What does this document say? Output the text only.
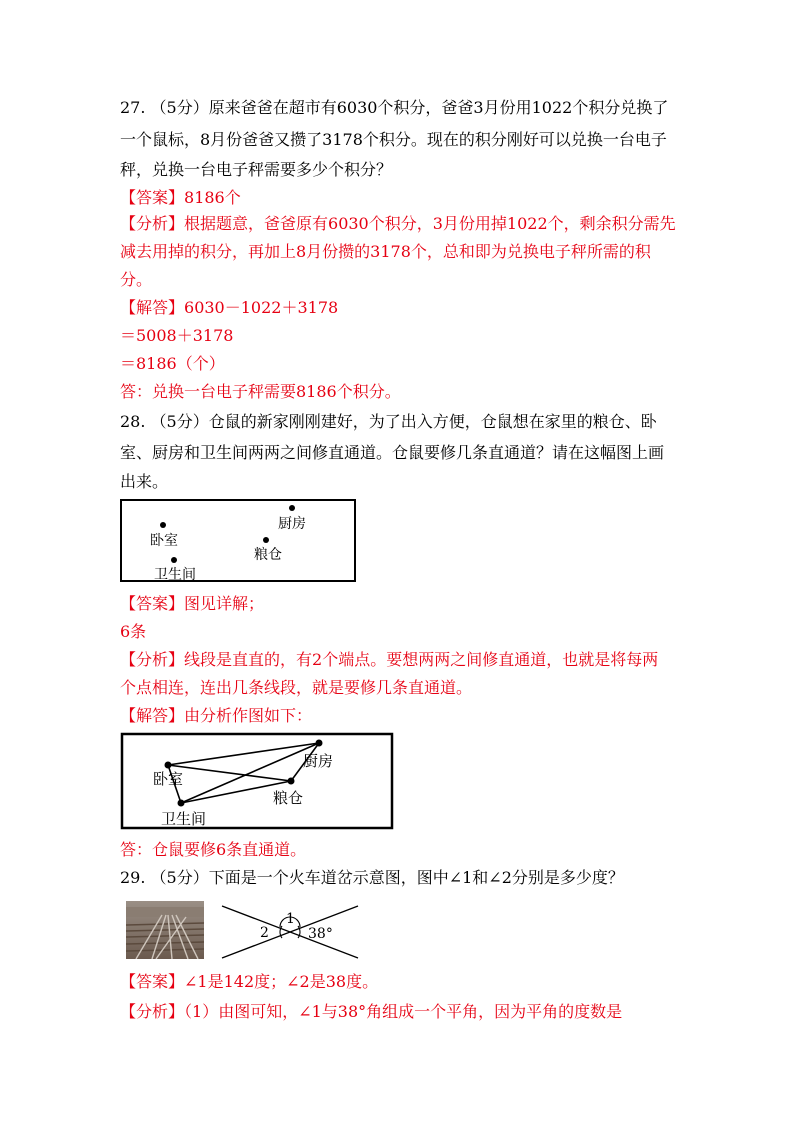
27. （5分）原来爸爸在超市有6030个积分，爸爸3月份用1022个积分兑换了
一个鼠标，8月份爸爸又攒了3178个积分。现在的积分刚好可以兑换一台电子
秤，兑换一台电子秤需要多少个积分？
【答案】8186个
【分析】根据题意，爸爸原有6030个积分，3月份用掉1022个，剩余积分需先
减去用掉的积分，再加上8月份攒的3178个，总和即为兑换电子秤所需的积
分。
【解答】6030－1022＋3178
＝5008＋3178
＝8186（个）
答：兑换一台电子秤需要8186个积分。
28. （5分）仓鼠的新家刚刚建好，为了出入方便，仓鼠想在家里的粮仓、卧
室、厨房和卫生间两两之间修直通道。仓鼠要修几条直通道？请在这幅图上画
出来。
卧室
厨房
粮仓
卫生间
【答案】图见详解；
6条
【分析】线段是直直的，有2个端点。要想两两之间修直通道，也就是将每两
个点相连，连出几条线段，就是要修几条直通道。
【解答】由分析作图如下：
卧室
厨房
粮仓
卫生间
答：仓鼠要修6条直通道。
29. （5分）下面是一个火车道岔示意图，图中∠1和∠2分别是多少度？
1
2	38°
【答案】∠1是142度；∠2是38度。
【分析】（1）由图可知，∠1与38°角组成一个平角，因为平角的度数是
